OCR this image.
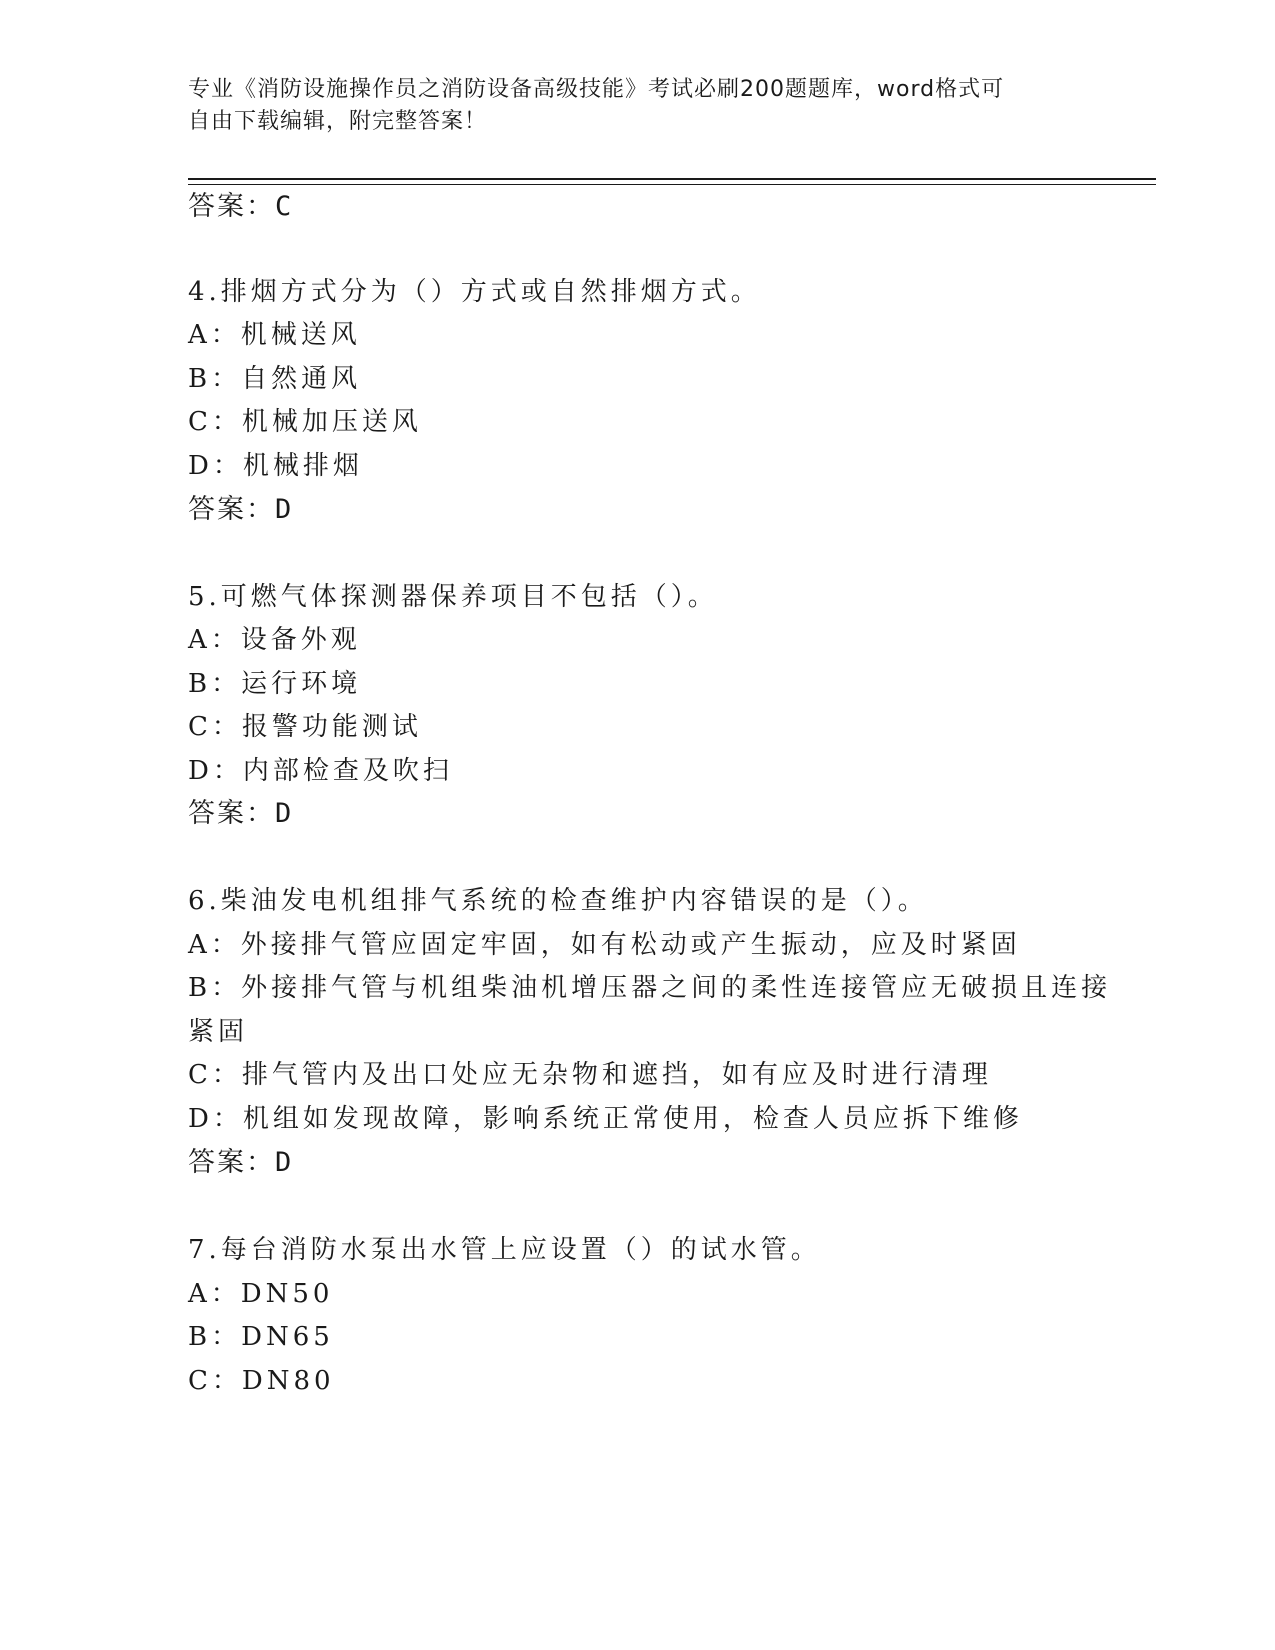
专业《消防设施操作员之消防设备高级技能》考试必刷200题题库，word格式可
自由下载编辑，附完整答案！
答案：C
4.排烟方式分为（）方式或自然排烟方式。
A：机械送风
B：自然通风
C：机械加压送风
D：机械排烟
答案：D
5.可燃气体探测器保养项目不包括（）。
A：设备外观
B：运行环境
C：报警功能测试
D：内部检查及吹扫
答案：D
6.柴油发电机组排气系统的检查维护内容错误的是（）。
A：外接排气管应固定牢固，如有松动或产生振动，应及时紧固
B：外接排气管与机组柴油机增压器之间的柔性连接管应无破损且连接
紧固
C：排气管内及出口处应无杂物和遮挡，如有应及时进行清理
D：机组如发现故障，影响系统正常使用，检查人员应拆下维修
答案：D
7.每台消防水泵出水管上应设置（）的试水管。
A：DN50
B：DN65
C：DN80
